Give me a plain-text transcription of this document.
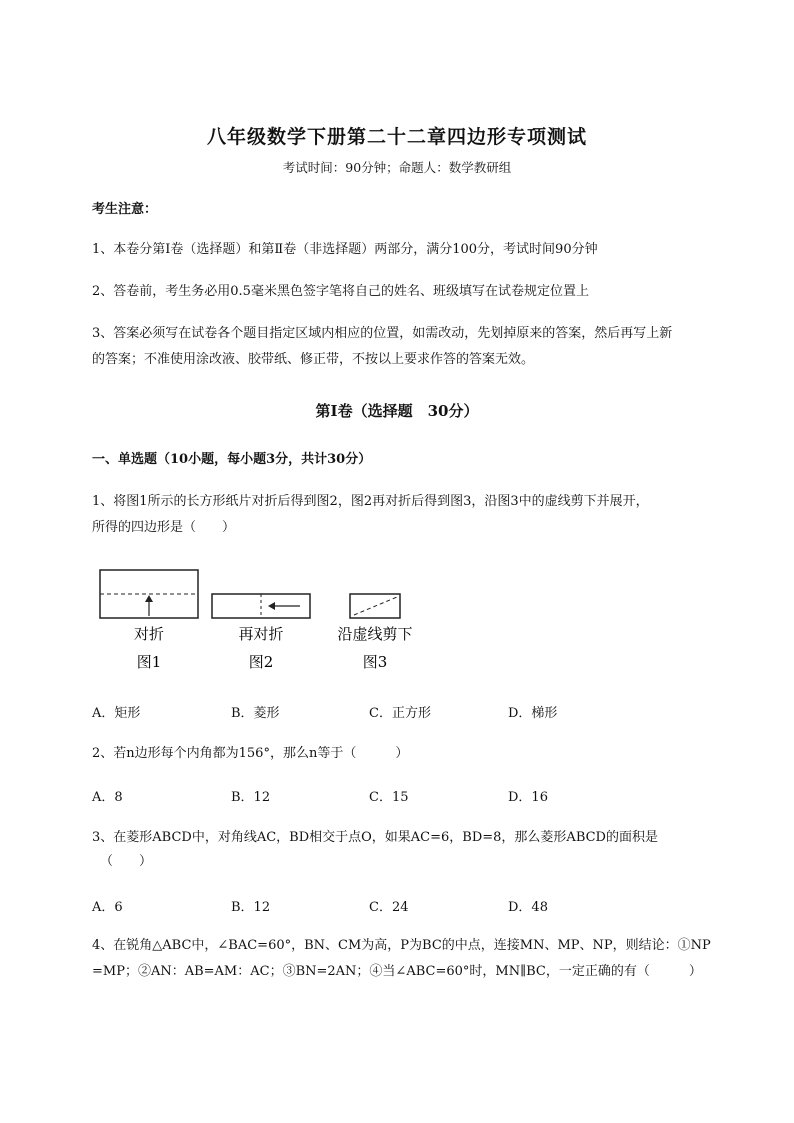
八年级数学下册第二十二章四边形专项测试
考试时间：90分钟；命题人：数学教研组
考生注意：
1、本卷分第I卷（选择题）和第Ⅱ卷（非选择题）两部分，满分100分，考试时间90分钟
2、答卷前，考生务必用0.5毫米黑色签字笔将自己的姓名、班级填写在试卷规定位置上
3、答案必须写在试卷各个题目指定区域内相应的位置，如需改动，先划掉原来的答案，然后再写上新
的答案；不准使用涂改液、胶带纸、修正带，不按以上要求作答的答案无效。
第I卷（选择题　30分）
一、单选题（10小题，每小题3分，共计30分）
1、将图1所示的长方形纸片对折后得到图2，图2再对折后得到图3，沿图3中的虚线剪下并展开，
所得的四边形是（　　）
对折
图1
再对折
图2
沿虚线剪下
图3
A．矩形	B．菱形	C．正方形	D．梯形
2、若n边形每个内角都为156°，那么n等于（　　　）
A．8	B．12	C．15	D．16
3、在菱形ABCD中，对角线AC，BD相交于点O，如果AC=6，BD=8，那么菱形ABCD的面积是
（　　）
A．6	B．12	C．24	D．48
4、在锐角△ABC中，∠BAC=60°，BN、CM为高，P为BC的中点，连接MN、MP、NP，则结论：①NP
=MP；②AN：AB=AM：AC；③BN=2AN；④当∠ABC=60°时，MN∥BC，一定正确的有（　　　）
